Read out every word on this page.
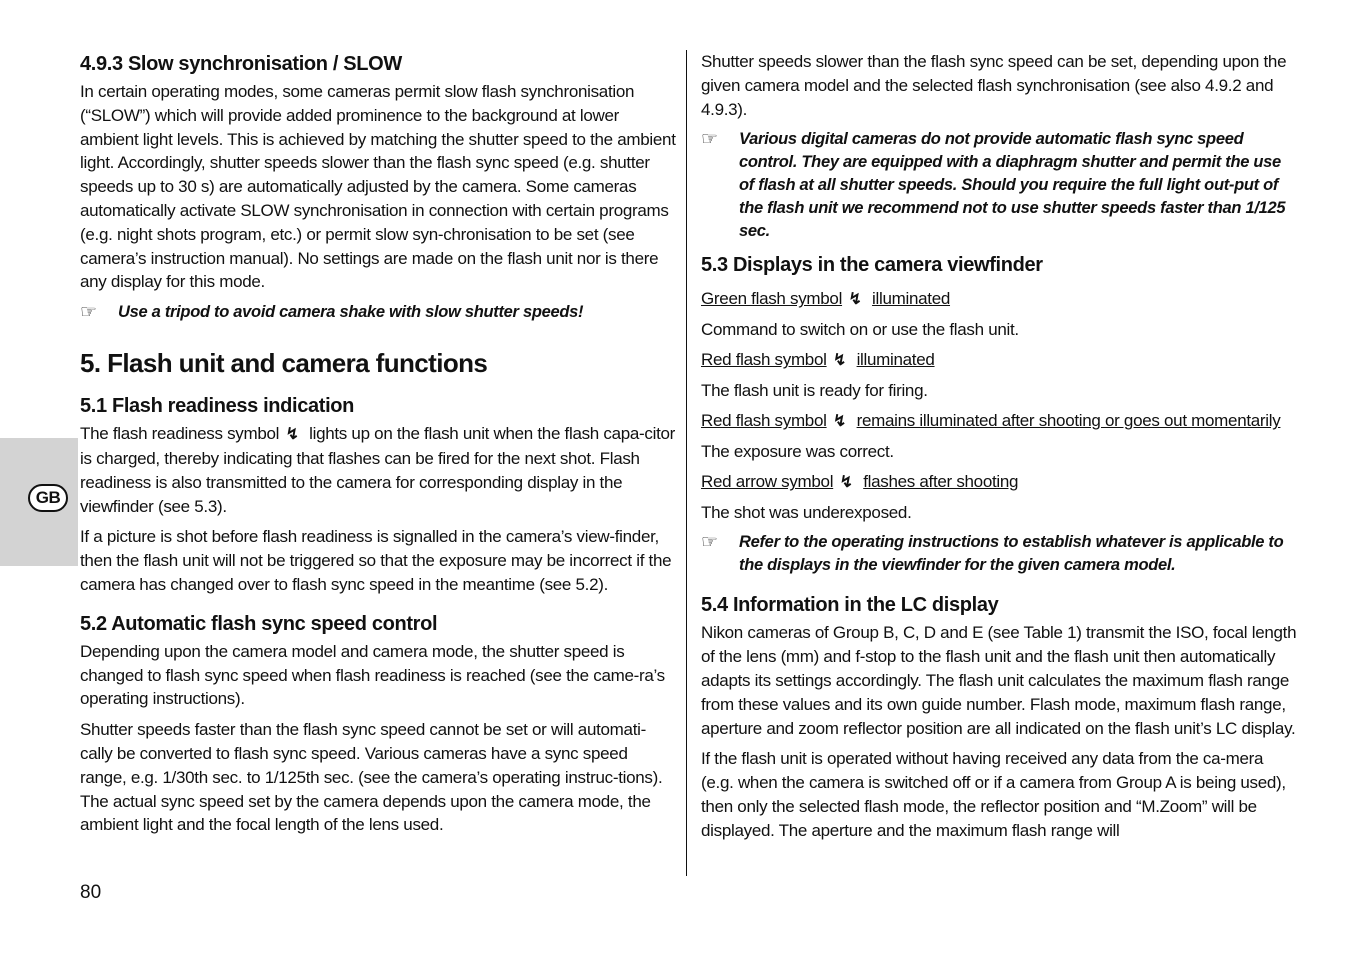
GB
4.9.3 Slow synchronisation / SLOW

In certain operating modes, some cameras permit slow flash synchronisation (“SLOW”) which will provide added prominence to the background at lower ambient light levels. This is achieved by matching the shutter speed to the ambient light. Accordingly, shutter speeds slower than the flash sync speed (e.g. shutter speeds up to 30 s) are automatically adjusted by the camera. Some cameras automatically activate SLOW synchronisation in connection with certain programs (e.g. night shots program, etc.) or permit slow syn-chronisation to be set (see camera’s instruction manual). No settings are made on the flash unit nor is there any display for this mode.

☞	Use a tripod to avoid camera shake with slow shutter speeds!
5. Flash unit and camera functions
5.1 Flash readiness indication

The flash readiness symbol ↯ lights up on the flash unit when the flash capa-citor is charged, thereby indicating that flashes can be fired for the next shot. Flash readiness is also transmitted to the camera for corresponding display in the viewfinder (see 5.3).

If a picture is shot before flash readiness is signalled in the camera’s view-finder, then the flash unit will not be triggered so that the exposure may be incorrect if the camera has changed over to flash sync speed in the meantime (see 5.2).

5.2 Automatic flash sync speed control

Depending upon the camera model and camera mode, the shutter speed is changed to flash sync speed when flash readiness is reached (see the came-ra’s operating instructions).

Shutter speeds faster than the flash sync speed cannot be set or will automati-cally be converted to flash sync speed. Various cameras have a sync speed range, e.g. 1/30th sec. to 1/125th sec. (see the camera’s operating instruc-tions). The actual sync speed set by the camera depends upon the camera mode, the ambient light and the focal length of the lens used.

Shutter speeds slower than the flash sync speed can be set, depending upon the given camera model and the selected flash synchronisation (see also 4.9.2 and 4.9.3).

☞	Various digital cameras do not provide automatic flash sync speed control. They are equipped with a diaphragm shutter and permit the use of flash at all shutter speeds. Should you require the full light out-put of the flash unit we recommend not to use shutter speeds faster than 1/125 sec.
5.3 Displays in the camera viewfinder
Green flash symbol ↯ illuminated
Command to switch on or use the flash unit.
Red flash symbol ↯ illuminated
The flash unit is ready for firing.
Red flash symbol ↯ remains illuminated after shooting or goes out momentarily
The exposure was correct.
Red arrow symbol ↯ flashes after shooting
The shot was underexposed.
☞	Refer to the operating instructions to establish whatever is applicable to the displays in the viewfinder for the given camera model.
5.4 Information in the LC display

Nikon cameras of Group B, C, D and E (see Table 1) transmit the ISO, focal length of the lens (mm) and f-stop to the flash unit and the flash unit then automatically adapts its settings accordingly. The flash unit calculates the maximum flash range from these values and its own guide number. Flash mode, maximum flash range, aperture and zoom reflector position are all indicated on the flash unit’s LC display.

If the flash unit is operated without having received any data from the ca-mera (e.g. when the camera is switched off or if a camera from Group A is being used), then only the selected flash mode, the reflector position and “M.Zoom” will be displayed. The aperture and the maximum flash range will

80
